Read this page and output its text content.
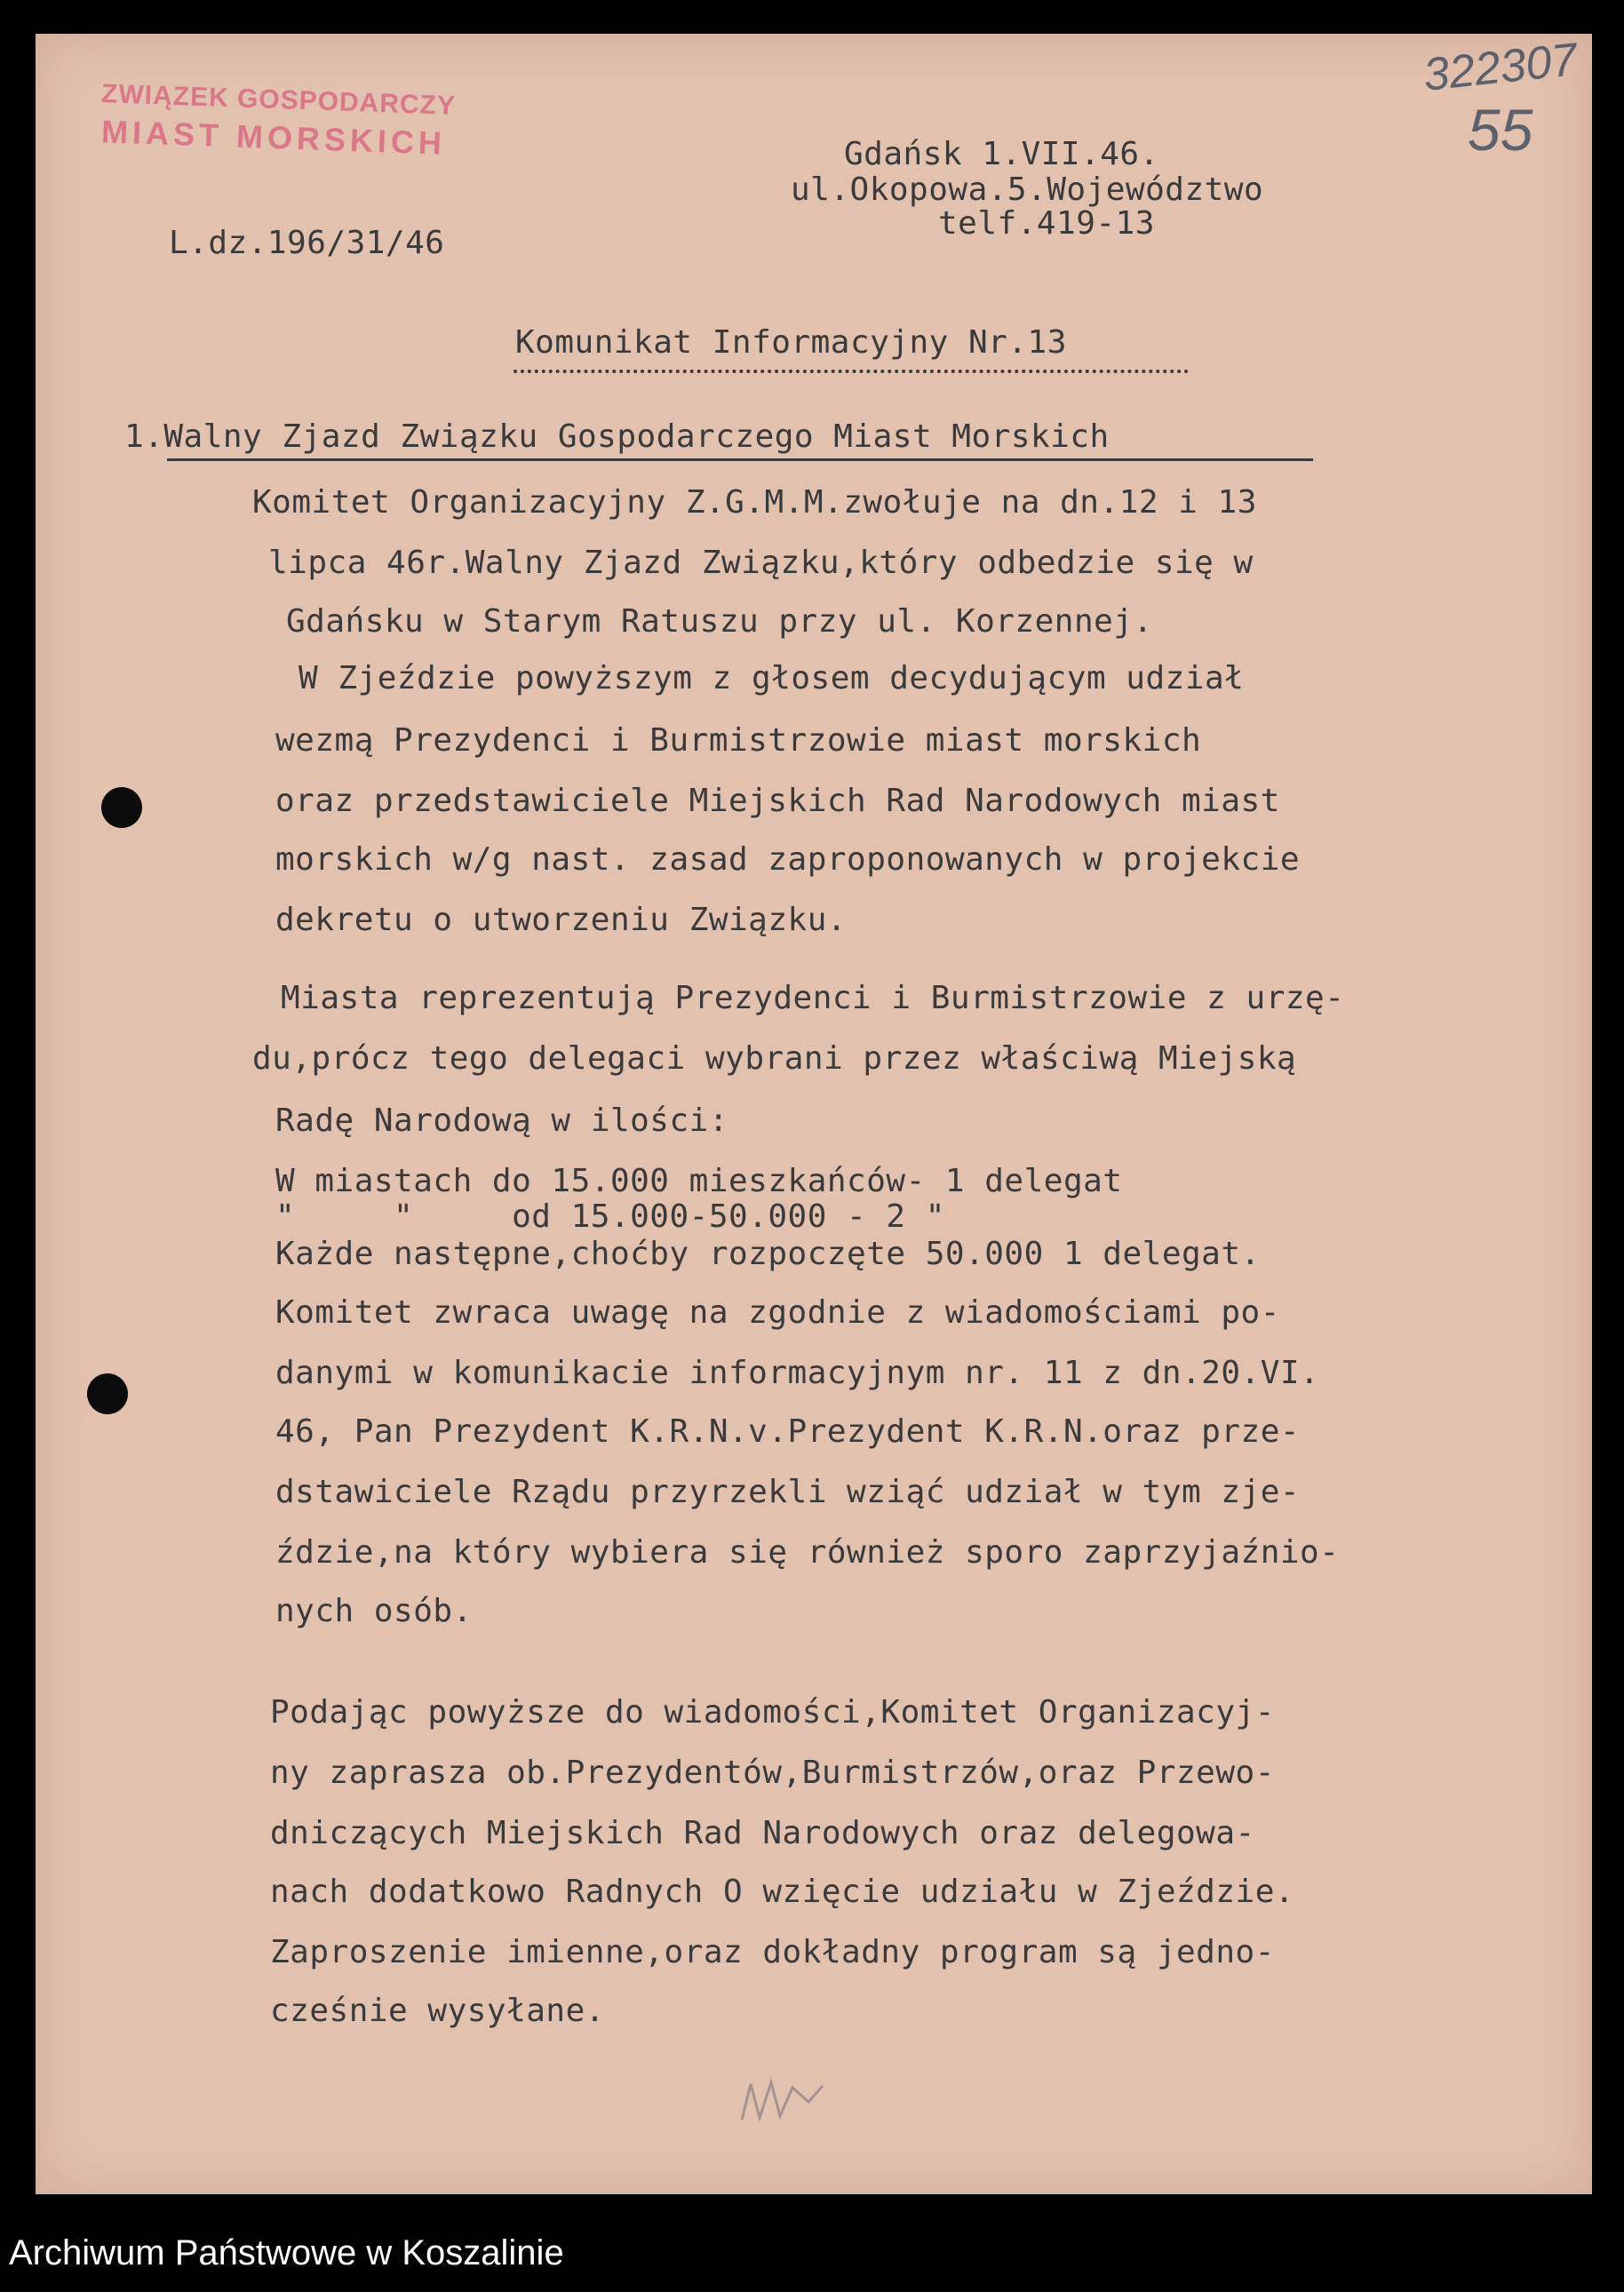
ZWIĄZEK GOSPODARCZY
MIAST MORSKICH
322307
55
Gdańsk 1.VII.46.
ul.Okopowa.5.Województwo
telf.419-13
L.dz.196/31/46
Komunikat Informacyjny Nr.13
1.Walny Zjazd Związku Gospodarczego Miast Morskich
Komitet Organizacyjny Z.G.M.M.zwołuje na dn.12 i 13
lipca 46r.Walny Zjazd Związku,który odbedzie się w
Gdańsku w Starym Ratuszu przy ul. Korzennej.
W Zjeździe powyższym z głosem decydującym udział
wezmą Prezydenci i Burmistrzowie miast morskich
oraz przedstawiciele Miejskich Rad Narodowych miast
morskich w/g nast. zasad zaproponowanych w projekcie
dekretu o utworzeniu Związku.
Miasta reprezentują Prezydenci i Burmistrzowie z urzę-
du,prócz tego delegaci wybrani przez właściwą Miejską
Radę Narodową w ilości:
W miastach do 15.000 mieszkańców- 1 delegat
"     "     od 15.000-50.000 - 2 "
Każde następne,choćby rozpoczęte 50.000 1 delegat.
Komitet zwraca uwagę na zgodnie z wiadomościami po-
danymi w komunikacie informacyjnym nr. 11 z dn.20.VI.
46, Pan Prezydent K.R.N.v.Prezydent K.R.N.oraz prze-
dstawiciele Rządu przyrzekli wziąć udział w tym zje-
ździe,na który wybiera się również sporo zaprzyjaźnio-
nych osób.
Podając powyższe do wiadomości,Komitet Organizacyj-
ny zaprasza ob.Prezydentów,Burmistrzów,oraz Przewo-
dniczących Miejskich Rad Narodowych oraz delegowa-
nach dodatkowo Radnych O wzięcie udziału w Zjeździe.
Zaproszenie imienne,oraz dokładny program są jedno-
cześnie wysyłane.
Archiwum Państwowe w Koszalinie
